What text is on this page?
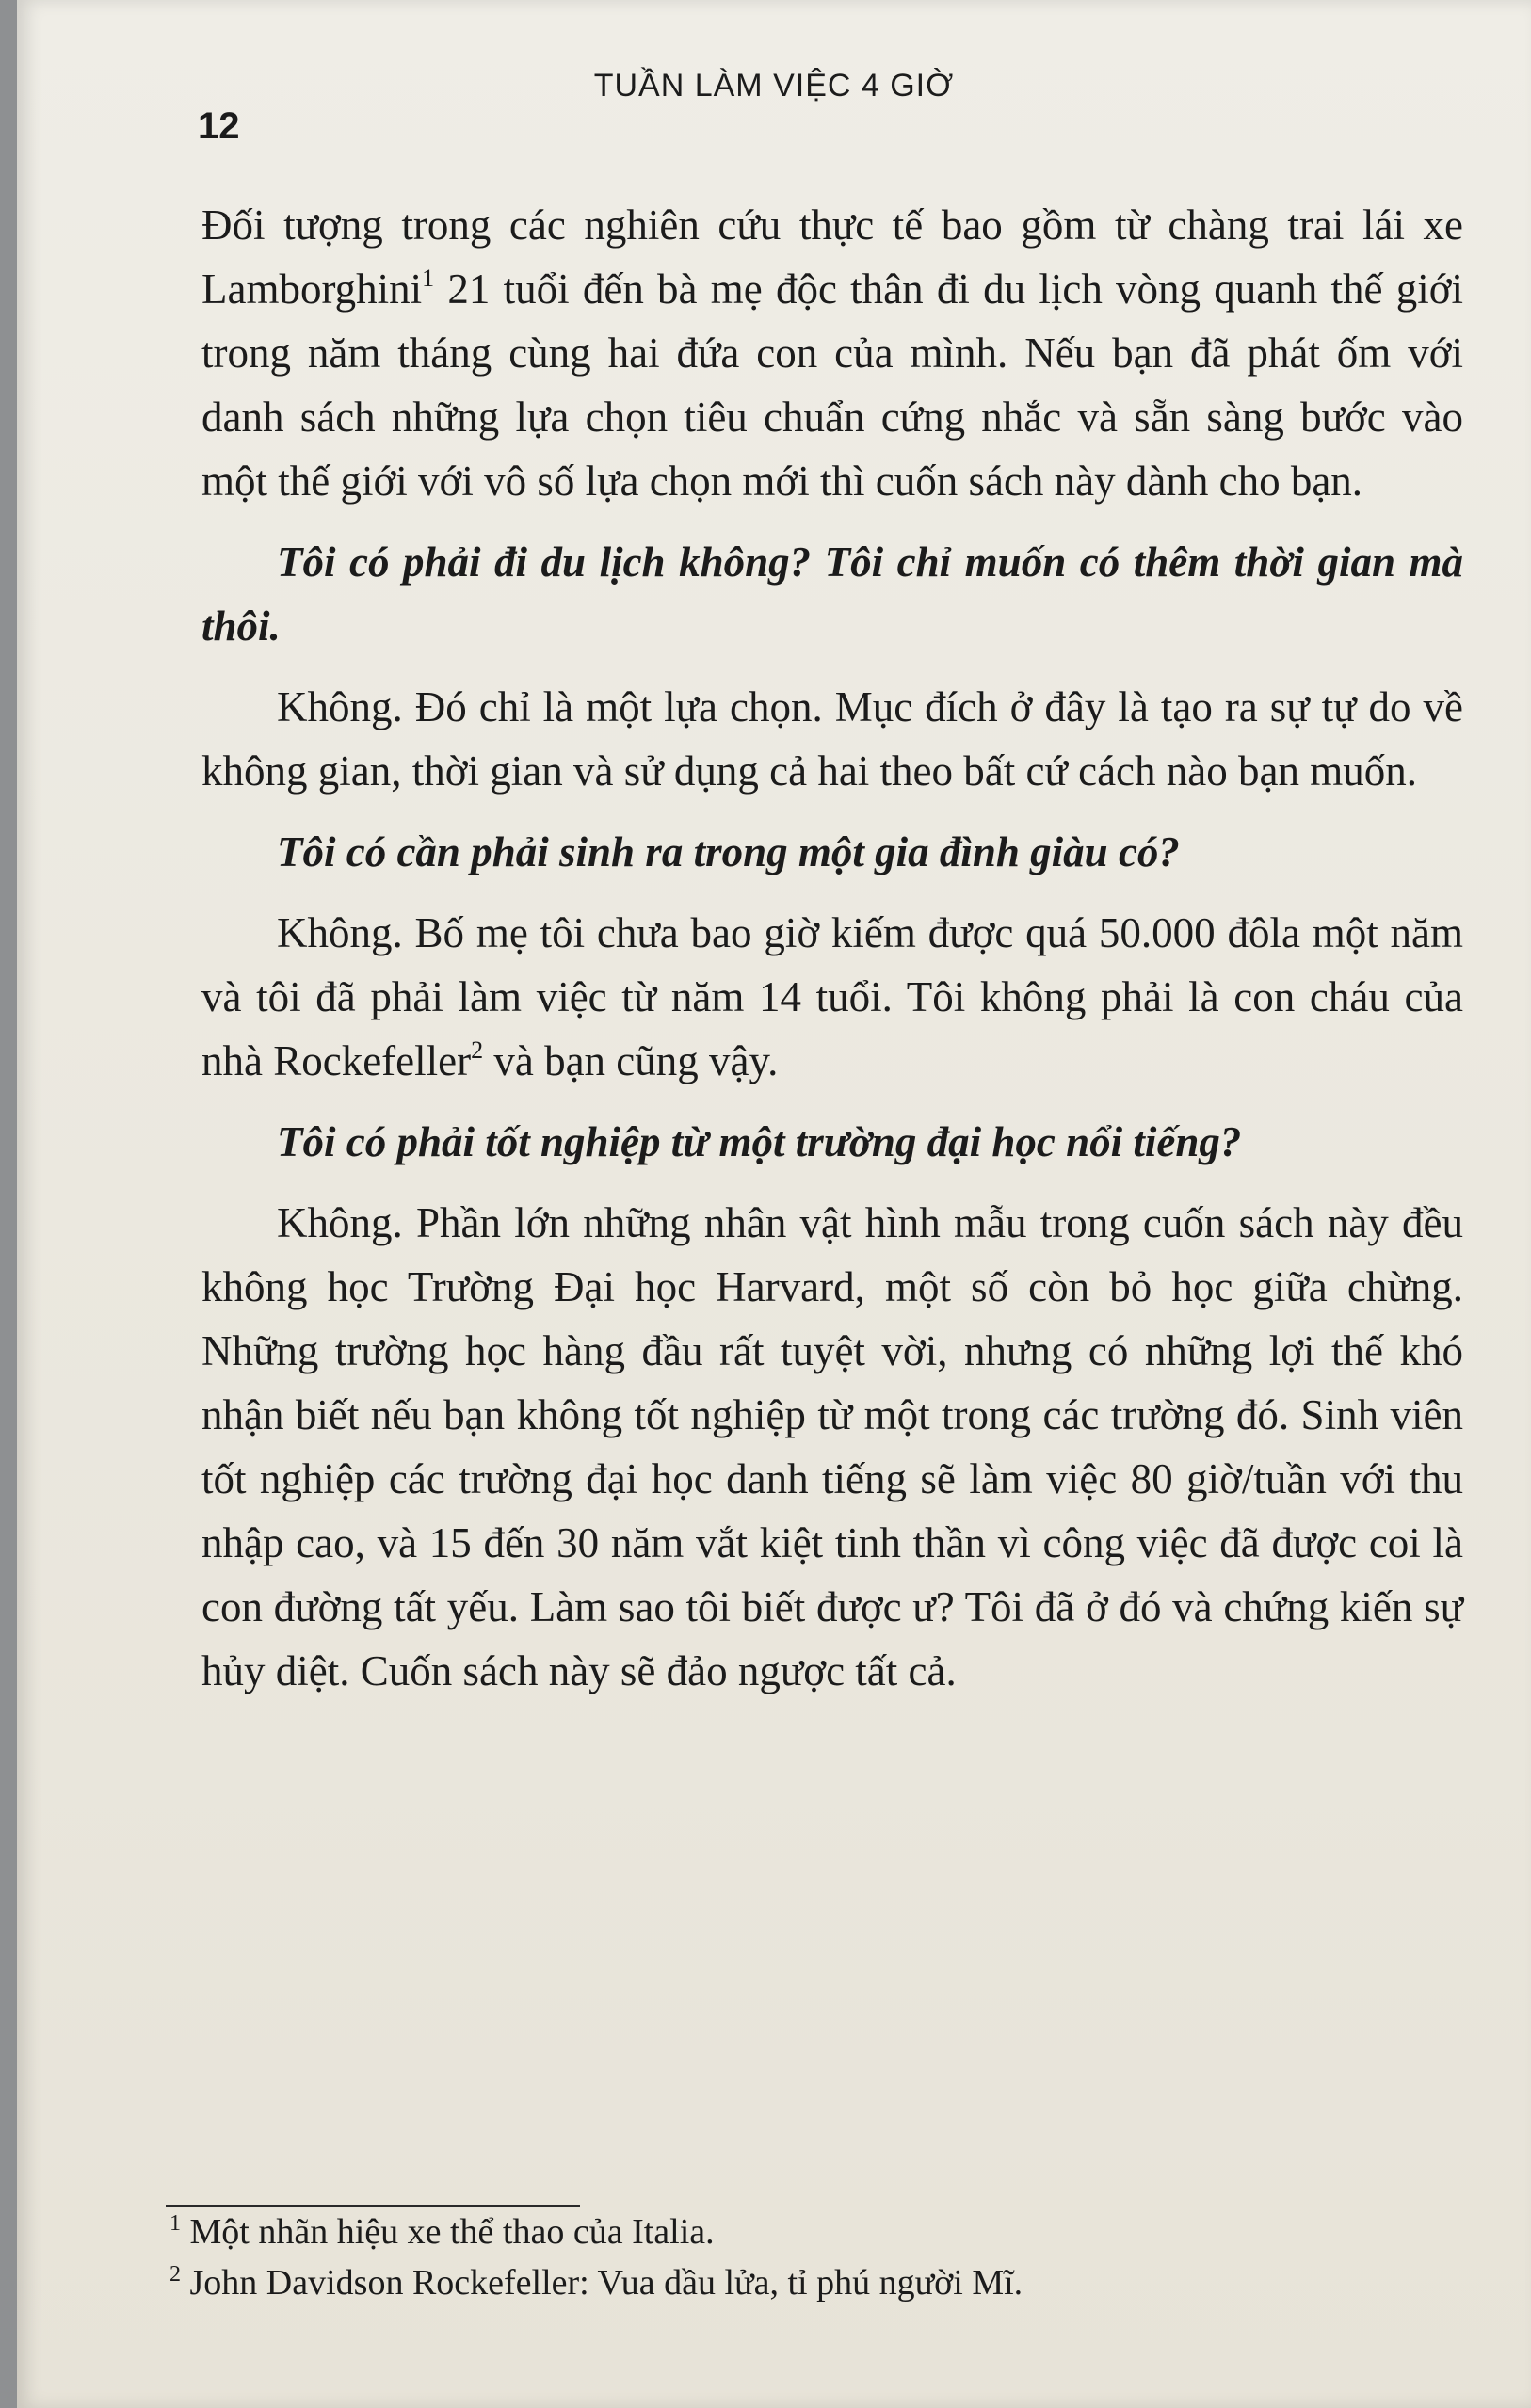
TUẦN LÀM VIỆC 4 GIỜ
12

Đối tượng trong các nghiên cứu thực tế bao gồm từ chàng trai lái xe Lamborghini$^1$ 21 tuổi đến bà mẹ độc thân đi du lịch vòng quanh thế giới trong năm tháng cùng hai đứa con của mình. Nếu bạn đã phát ốm với danh sách những lựa chọn tiêu chuẩn cứng nhắc và sẵn sàng bước vào một thế giới với vô số lựa chọn mới thì cuốn sách này dành cho bạn.

Tôi có phải đi du lịch không? Tôi chỉ muốn có thêm thời gian mà thôi.

Không. Đó chỉ là một lựa chọn. Mục đích ở đây là tạo ra sự tự do về không gian, thời gian và sử dụng cả hai theo bất cứ cách nào bạn muốn.

Tôi có cần phải sinh ra trong một gia đình giàu có?

Không. Bố mẹ tôi chưa bao giờ kiếm được quá 50.000 đôla một năm và tôi đã phải làm việc từ năm 14 tuổi. Tôi không phải là con cháu của nhà Rockefeller$^2$ và bạn cũng vậy.

Tôi có phải tốt nghiệp từ một trường đại học nổi tiếng?

Không. Phần lớn những nhân vật hình mẫu trong cuốn sách này đều không học Trường Đại học Harvard, một số còn bỏ học giữa chừng. Những trường học hàng đầu rất tuyệt vời, nhưng có những lợi thế khó nhận biết nếu bạn không tốt nghiệp từ một trong các trường đó. Sinh viên tốt nghiệp các trường đại học danh tiếng sẽ làm việc 80 giờ/tuần với thu nhập cao, và 15 đến 30 năm vắt kiệt tinh thần vì công việc đã được coi là con đường tất yếu. Làm sao tôi biết được ư? Tôi đã ở đó và chứng kiến sự hủy diệt. Cuốn sách này sẽ đảo ngược tất cả.

$^1$ Một nhãn hiệu xe thể thao của Italia.

$^2$ John Davidson Rockefeller: Vua dầu lửa, tỉ phú người Mĩ.
